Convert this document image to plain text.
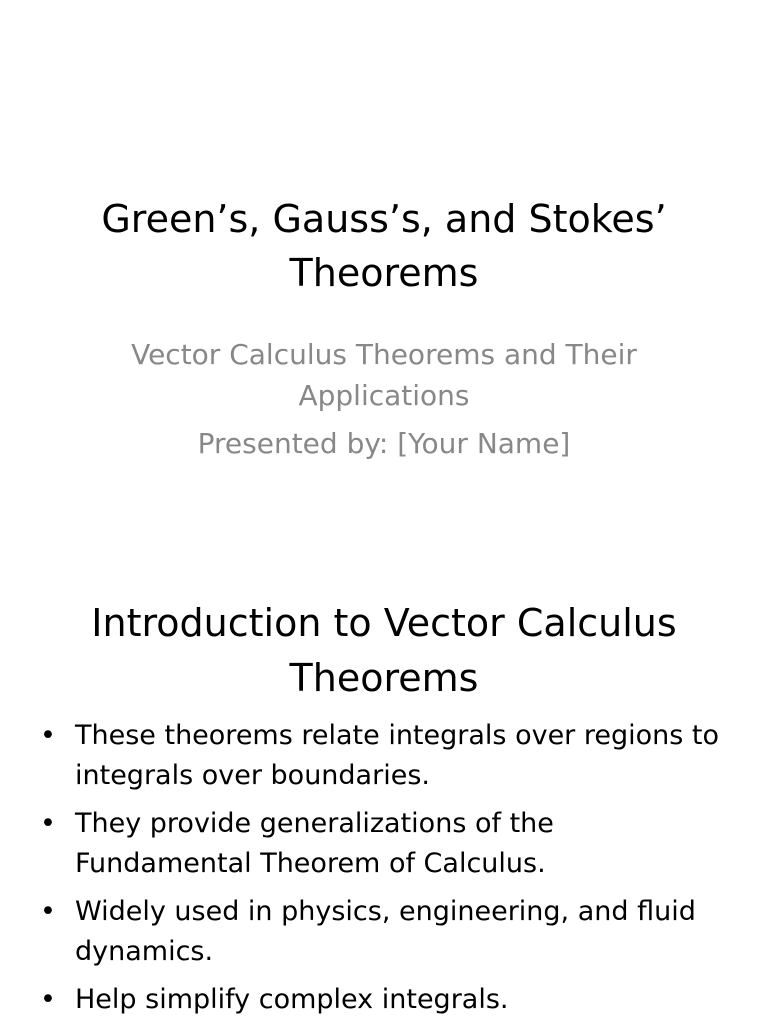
Green’s, Gauss’s, and Stokes’ Theorems
Vector Calculus Theorems and Their Applications
Presented by: [Your Name]
Introduction to Vector Calculus Theorems
• These theorems relate integrals over regions to integrals over boundaries.
• They provide generalizations of the Fundamental Theorem of Calculus.
• Widely used in physics, engineering, and fluid dynamics.
• Help simplify complex integrals.
